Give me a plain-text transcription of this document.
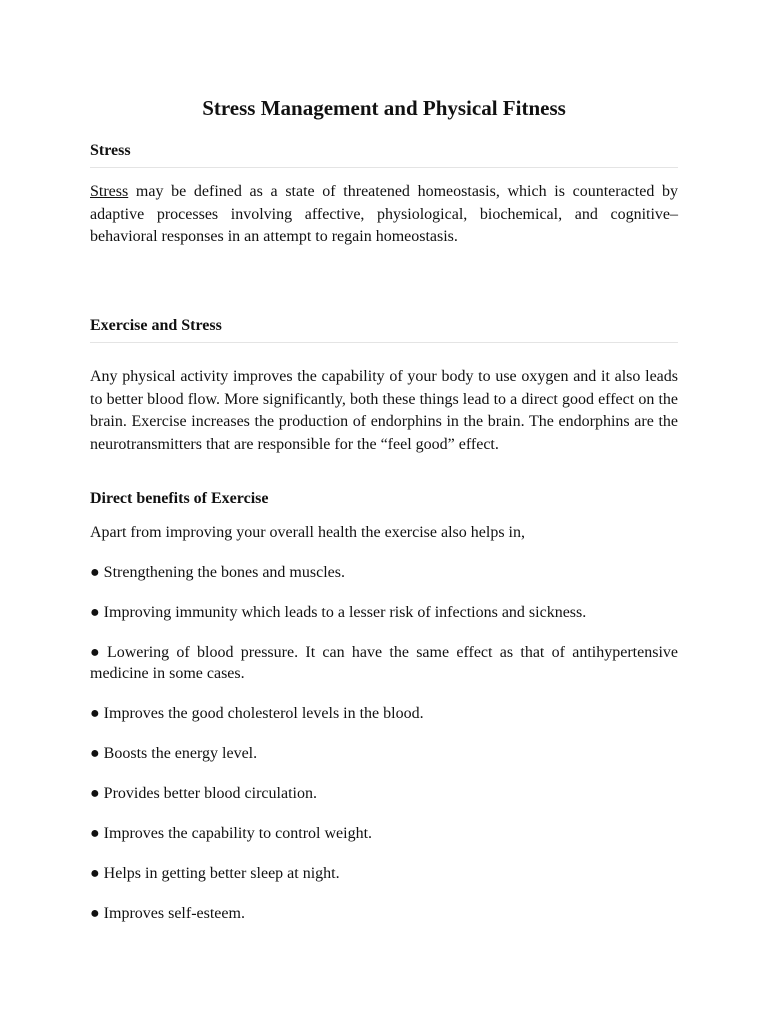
Stress Management and Physical Fitness
Stress

Stress may be defined as a state of threatened homeostasis, which is counteracted by adaptive processes involving affective, physiological, biochemical, and cognitive–behavioral responses in an attempt to regain homeostasis.

Exercise and Stress

Any physical activity improves the capability of your body to use oxygen and it also leads to better blood flow. More significantly, both these things lead to a direct good effect on the brain. Exercise increases the production of endorphins in the brain. The endorphins are the neurotransmitters that are responsible for the “feel good” effect.

Direct benefits of Exercise

Apart from improving your overall health the exercise also helps in,

● Strengthening the bones and muscles.

● Improving immunity which leads to a lesser risk of infections and sickness.

● Lowering of blood pressure. It can have the same effect as that of antihypertensive medicine in some cases.

● Improves the good cholesterol levels in the blood.

● Boosts the energy level.

● Provides better blood circulation.

● Improves the capability to control weight.

● Helps in getting better sleep at night.

● Improves self-esteem.
